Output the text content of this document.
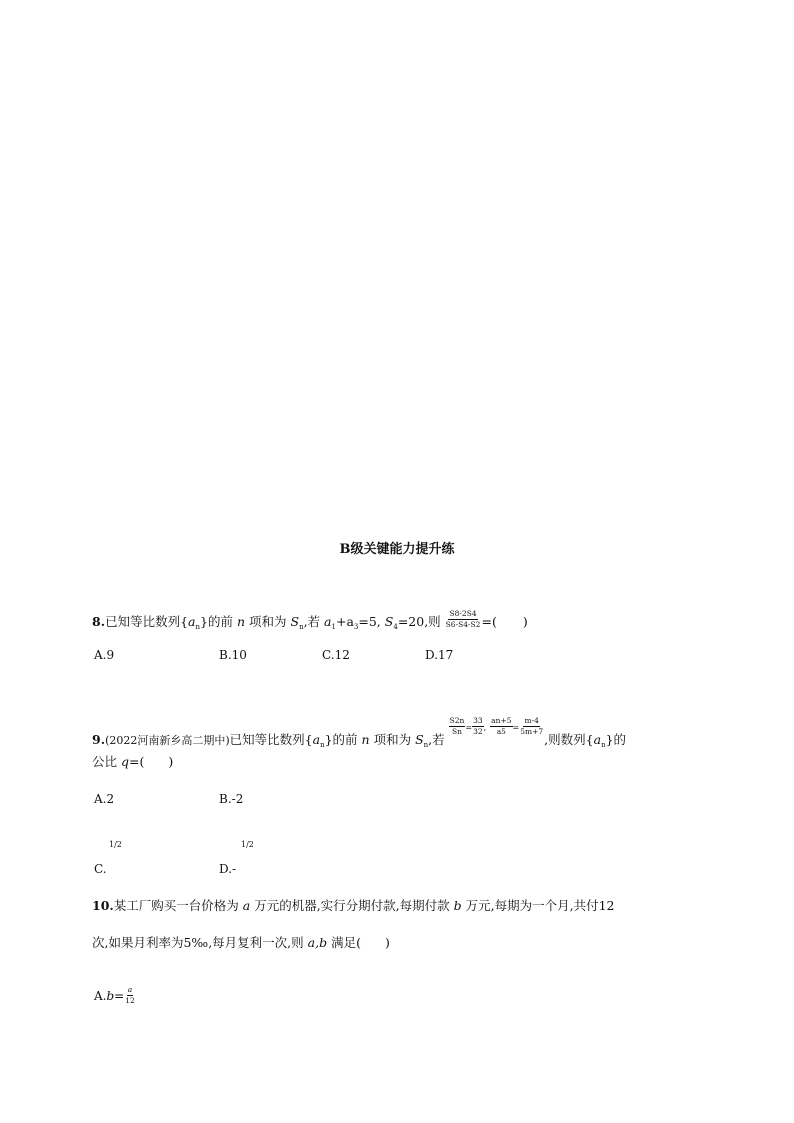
B级关键能力提升练
8.已知等比数列$\{a_n\}$的前 n 项和为 $S_n$,若 $a_1+a_3=5$, $S_4=20$,则 $\frac{S8-2S4}{S6-S4-S2}$ =( )
A.9	B.10	C.12	D.17
9.(2022河南新乡高二期中)已知等比数列$\{a_n\}$的前 n 项和为 $S_n$,若
$\frac{S2n}{Sn} = \frac{33}{32}$ , $\frac{an+5}{a5} = \frac{m-4}{5m+7}$
,则数列$\{a_n\}$的
公比 q=( )
A.2	B.-2
1/2
C.
1/2
D.-
10.某工厂购买一台价格为 a 万元的机器,实行分期付款,每期付款 b 万元,每期为一个月,共付12
次,如果月利率为5‰,每月复利一次,则 a,b 满足( )
$A.b= \frac{a}{12}$
